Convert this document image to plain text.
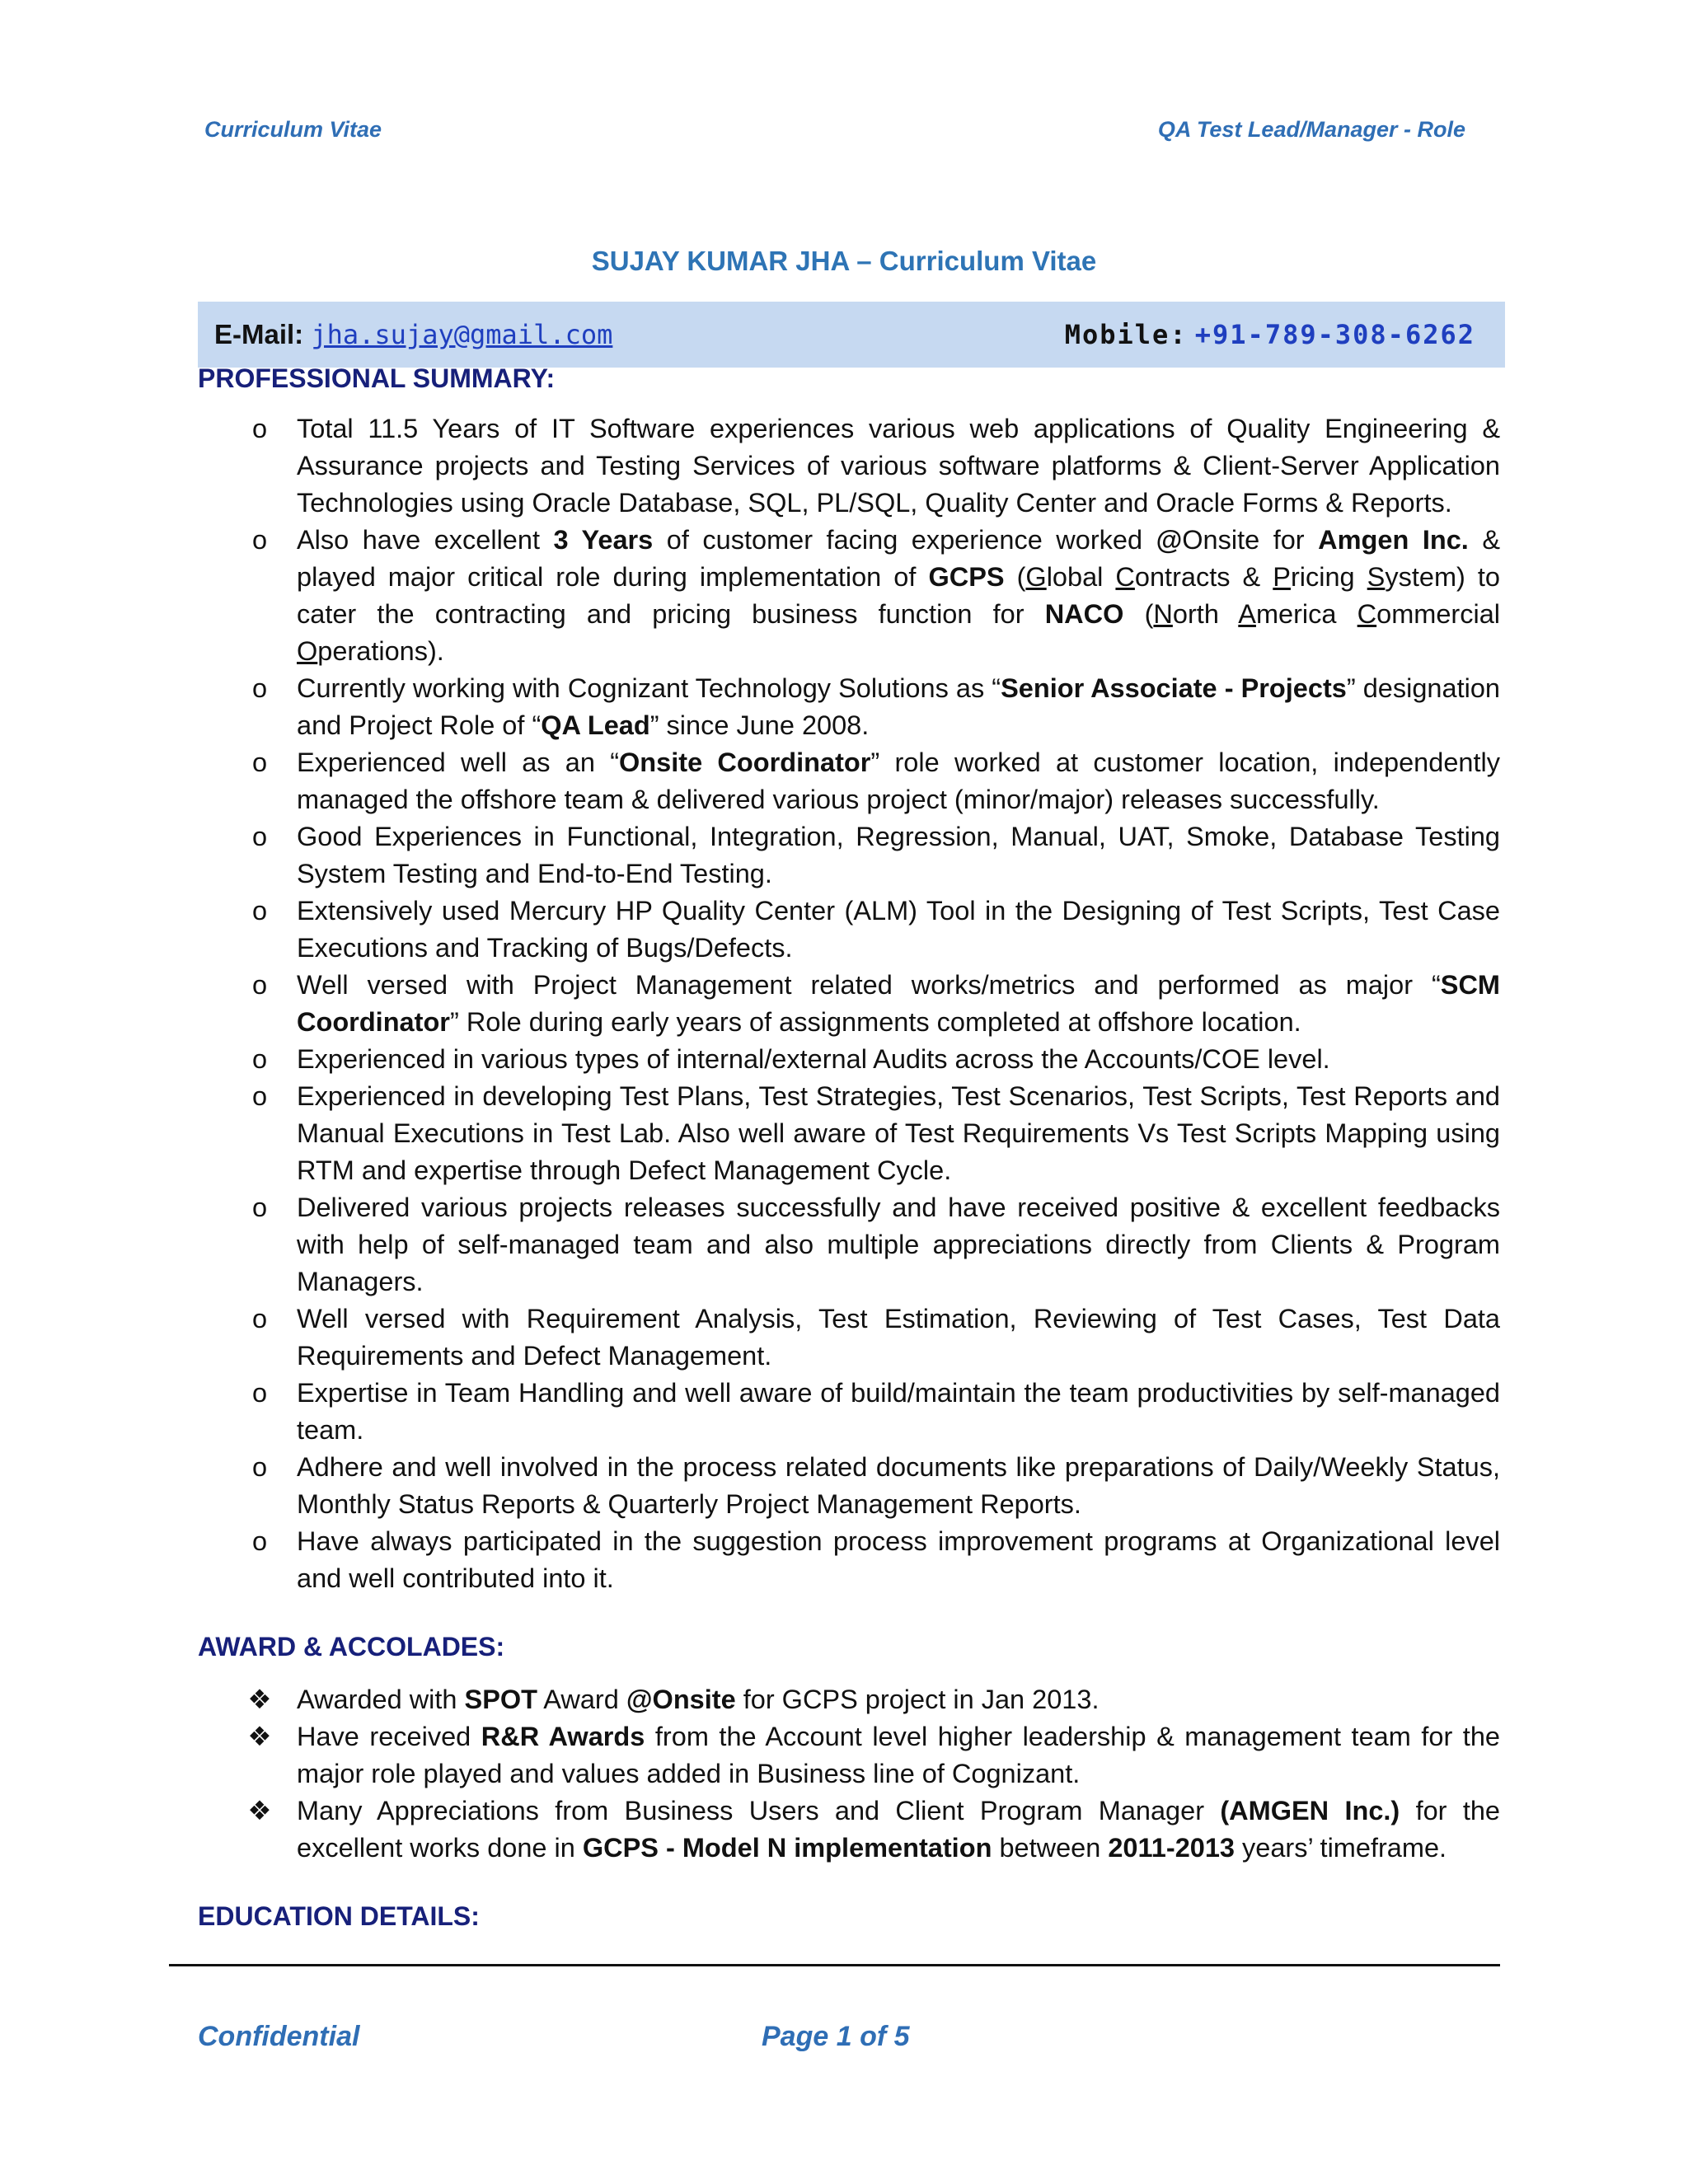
Curriculum Vitae	QA Test Lead/Manager - Role
SUJAY KUMAR JHA – Curriculum Vitae
E-Mail: jha.sujay@gmail.com	Mobile: +91-789-308-6262
PROFESSIONAL SUMMARY:
o Total 11.5 Years of IT Software experiences various web applications of Quality Engineering & Assurance projects and Testing Services of various software platforms & Client-Server Application Technologies using Oracle Database, SQL, PL/SQL, Quality Center and Oracle Forms & Reports.
o Also have excellent 3 Years of customer facing experience worked @Onsite for Amgen Inc. & played major critical role during implementation of GCPS (Global Contracts & Pricing System) to cater the contracting and pricing business function for NACO (North America Commercial Operations).
o Currently working with Cognizant Technology Solutions as “Senior Associate - Projects” designation and Project Role of “QA Lead” since June 2008.
o Experienced well as an “Onsite Coordinator” role worked at customer location, independently managed the offshore team & delivered various project (minor/major) releases successfully.
o Good Experiences in Functional, Integration, Regression, Manual, UAT, Smoke, Database Testing System Testing and End-to-End Testing.
o Extensively used Mercury HP Quality Center (ALM) Tool in the Designing of Test Scripts, Test Case Executions and Tracking of Bugs/Defects.
o Well versed with Project Management related works/metrics and performed as major “SCM Coordinator” Role during early years of assignments completed at offshore location.
o Experienced in various types of internal/external Audits across the Accounts/COE level.
o Experienced in developing Test Plans, Test Strategies, Test Scenarios, Test Scripts, Test Reports and Manual Executions in Test Lab. Also well aware of Test Requirements Vs Test Scripts Mapping using RTM and expertise through Defect Management Cycle.
o Delivered various projects releases successfully and have received positive & excellent feedbacks with help of self-managed team and also multiple appreciations directly from Clients & Program Managers.
o Well versed with Requirement Analysis, Test Estimation, Reviewing of Test Cases, Test Data Requirements and Defect Management.
o Expertise in Team Handling and well aware of build/maintain the team productivities by self-managed team.
o Adhere and well involved in the process related documents like preparations of Daily/Weekly Status, Monthly Status Reports & Quarterly Project Management Reports.
o Have always participated in the suggestion process improvement programs at Organizational level and well contributed into it.
AWARD & ACCOLADES:
❖ Awarded with SPOT Award @Onsite for GCPS project in Jan 2013.
❖ Have received R&R Awards from the Account level higher leadership & management team for the major role played and values added in Business line of Cognizant.
❖ Many Appreciations from Business Users and Client Program Manager (AMGEN Inc.) for the excellent works done in GCPS - Model N implementation between 2011-2013 years’ timeframe.
EDUCATION DETAILS:
Confidential	Page 1 of 5
